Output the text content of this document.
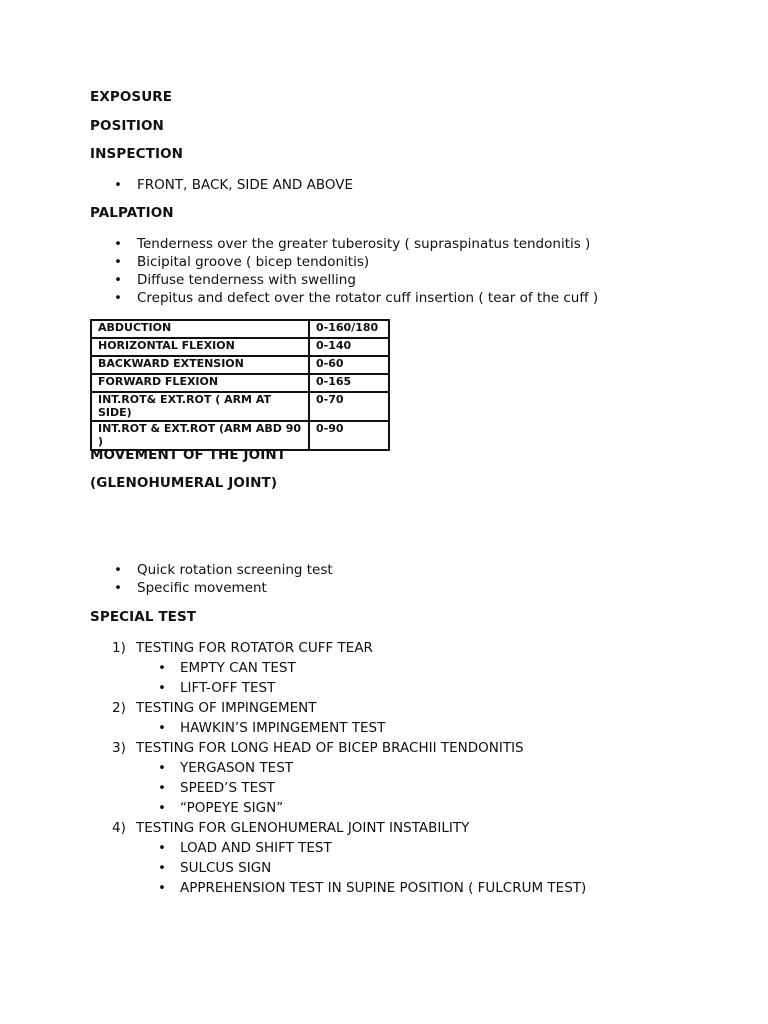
EXPOSURE

POSITION

INSPECTION

• FRONT, BACK, SIDE AND ABOVE

PALPATION

• Tenderness over the greater tuberosity ( supraspinatus tendonitis )
• Bicipital groove ( bicep tendonitis)
• Diffuse tenderness with swelling
• Crepitus and defect over the rotator cuff insertion ( tear of the cuff )
ABDUCTION	0-160/180
HORIZONTAL FLEXION	0-140
BACKWARD EXTENSION	0-60
FORWARD FLEXION	0-165
INT.ROT& EXT.ROT ( ARM AT SIDE)	0-70
INT.ROT & EXT.ROT (ARM ABD 90 )	0-90

MOVEMENT OF THE JOINT

(GLENOHUMERAL JOINT)

• Quick rotation screening test
• Specific movement

SPECIAL TEST

1) TESTING FOR ROTATOR CUFF TEAR
• EMPTY CAN TEST
• LIFT-OFF TEST
2) TESTING OF IMPINGEMENT
• HAWKIN’S IMPINGEMENT TEST
3) TESTING FOR LONG HEAD OF BICEP BRACHII TENDONITIS
• YERGASON TEST
• SPEED’S TEST
• “POPEYE SIGN”
4) TESTING FOR GLENOHUMERAL JOINT INSTABILITY
• LOAD AND SHIFT TEST
• SULCUS SIGN
• APPREHENSION TEST IN SUPINE POSITION ( FULCRUM TEST)
